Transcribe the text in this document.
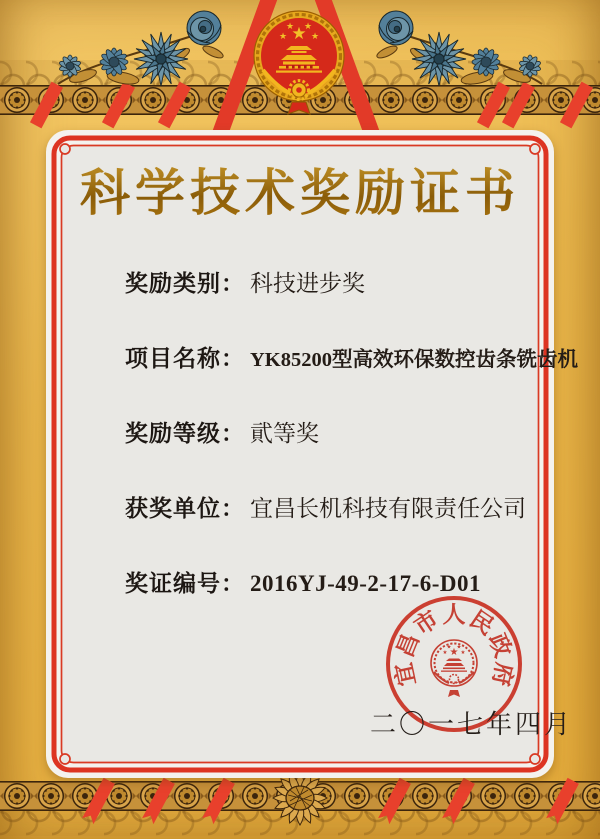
★
★
★ ★
★
科学技术奖励证书
奖励类别： 科技进步奖
项目名称： YK85200型高效环保数控齿条铣齿机
奖励等级： 貮等奖
获奖单位： 宜昌长机科技有限责任公司
奖证编号： 2016YJ-49-2-17-6-D01
宜
昌
市 人 民
政
府
★
★
★ ★
★
二〇一七年四月
